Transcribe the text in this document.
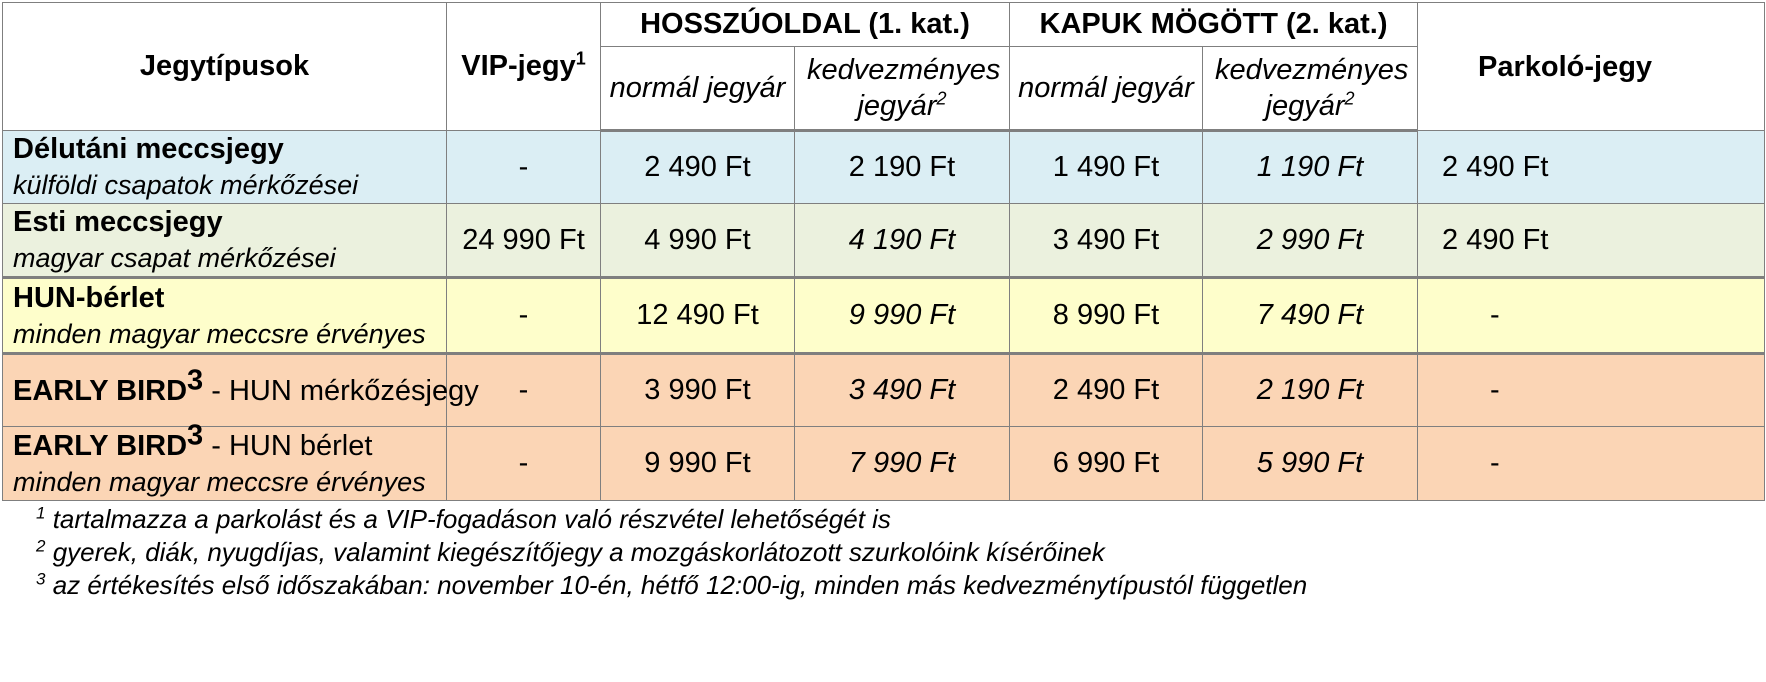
Jegytípusok	VIP-jegy$^1$	HOSSZÚOLDAL (1. kat.)		KAPUK MÖGÖTT (2. kat.)		Parkoló-jegy
		normál jegyár	kedvezményes jegyár$^2$	normál jegyár	kedvezményes jegyár$^2$

Délutáni meccsjegy
külföldi csapatok mérkőzései	-	2 490 Ft	2 190 Ft	1 490 Ft	1 190 Ft	2 490 Ft

Esti meccsjegy
magyar csapat mérkőzései	24 990 Ft	4 990 Ft	4 190 Ft	3 490 Ft	2 990 Ft	2 490 Ft

HUN-bérlet
minden magyar meccsre érvényes	-	12 490 Ft	9 990 Ft	8 990 Ft	7 490 Ft	-
EARLY BIRD$^3$ - HUN mérkőzésjegy	-	3 990 Ft	3 490 Ft	2 490 Ft	2 190 Ft	-

EARLY BIRD$^3$ - HUN bérlet
minden magyar meccsre érvényes	-	9 990 Ft	7 990 Ft	6 990 Ft	5 990 Ft	-
$^1$ tartalmazza a parkolást és a VIP-fogadáson való részvétel lehetőségét is
$^2$ gyerek, diák, nyugdíjas, valamint kiegészítőjegy a mozgáskorlátozott szurkolóink kísérőinek
$^3$ az értékesítés első időszakában: november 10-én, hétfő 12:00-ig, minden más kedvezménytípustól független
